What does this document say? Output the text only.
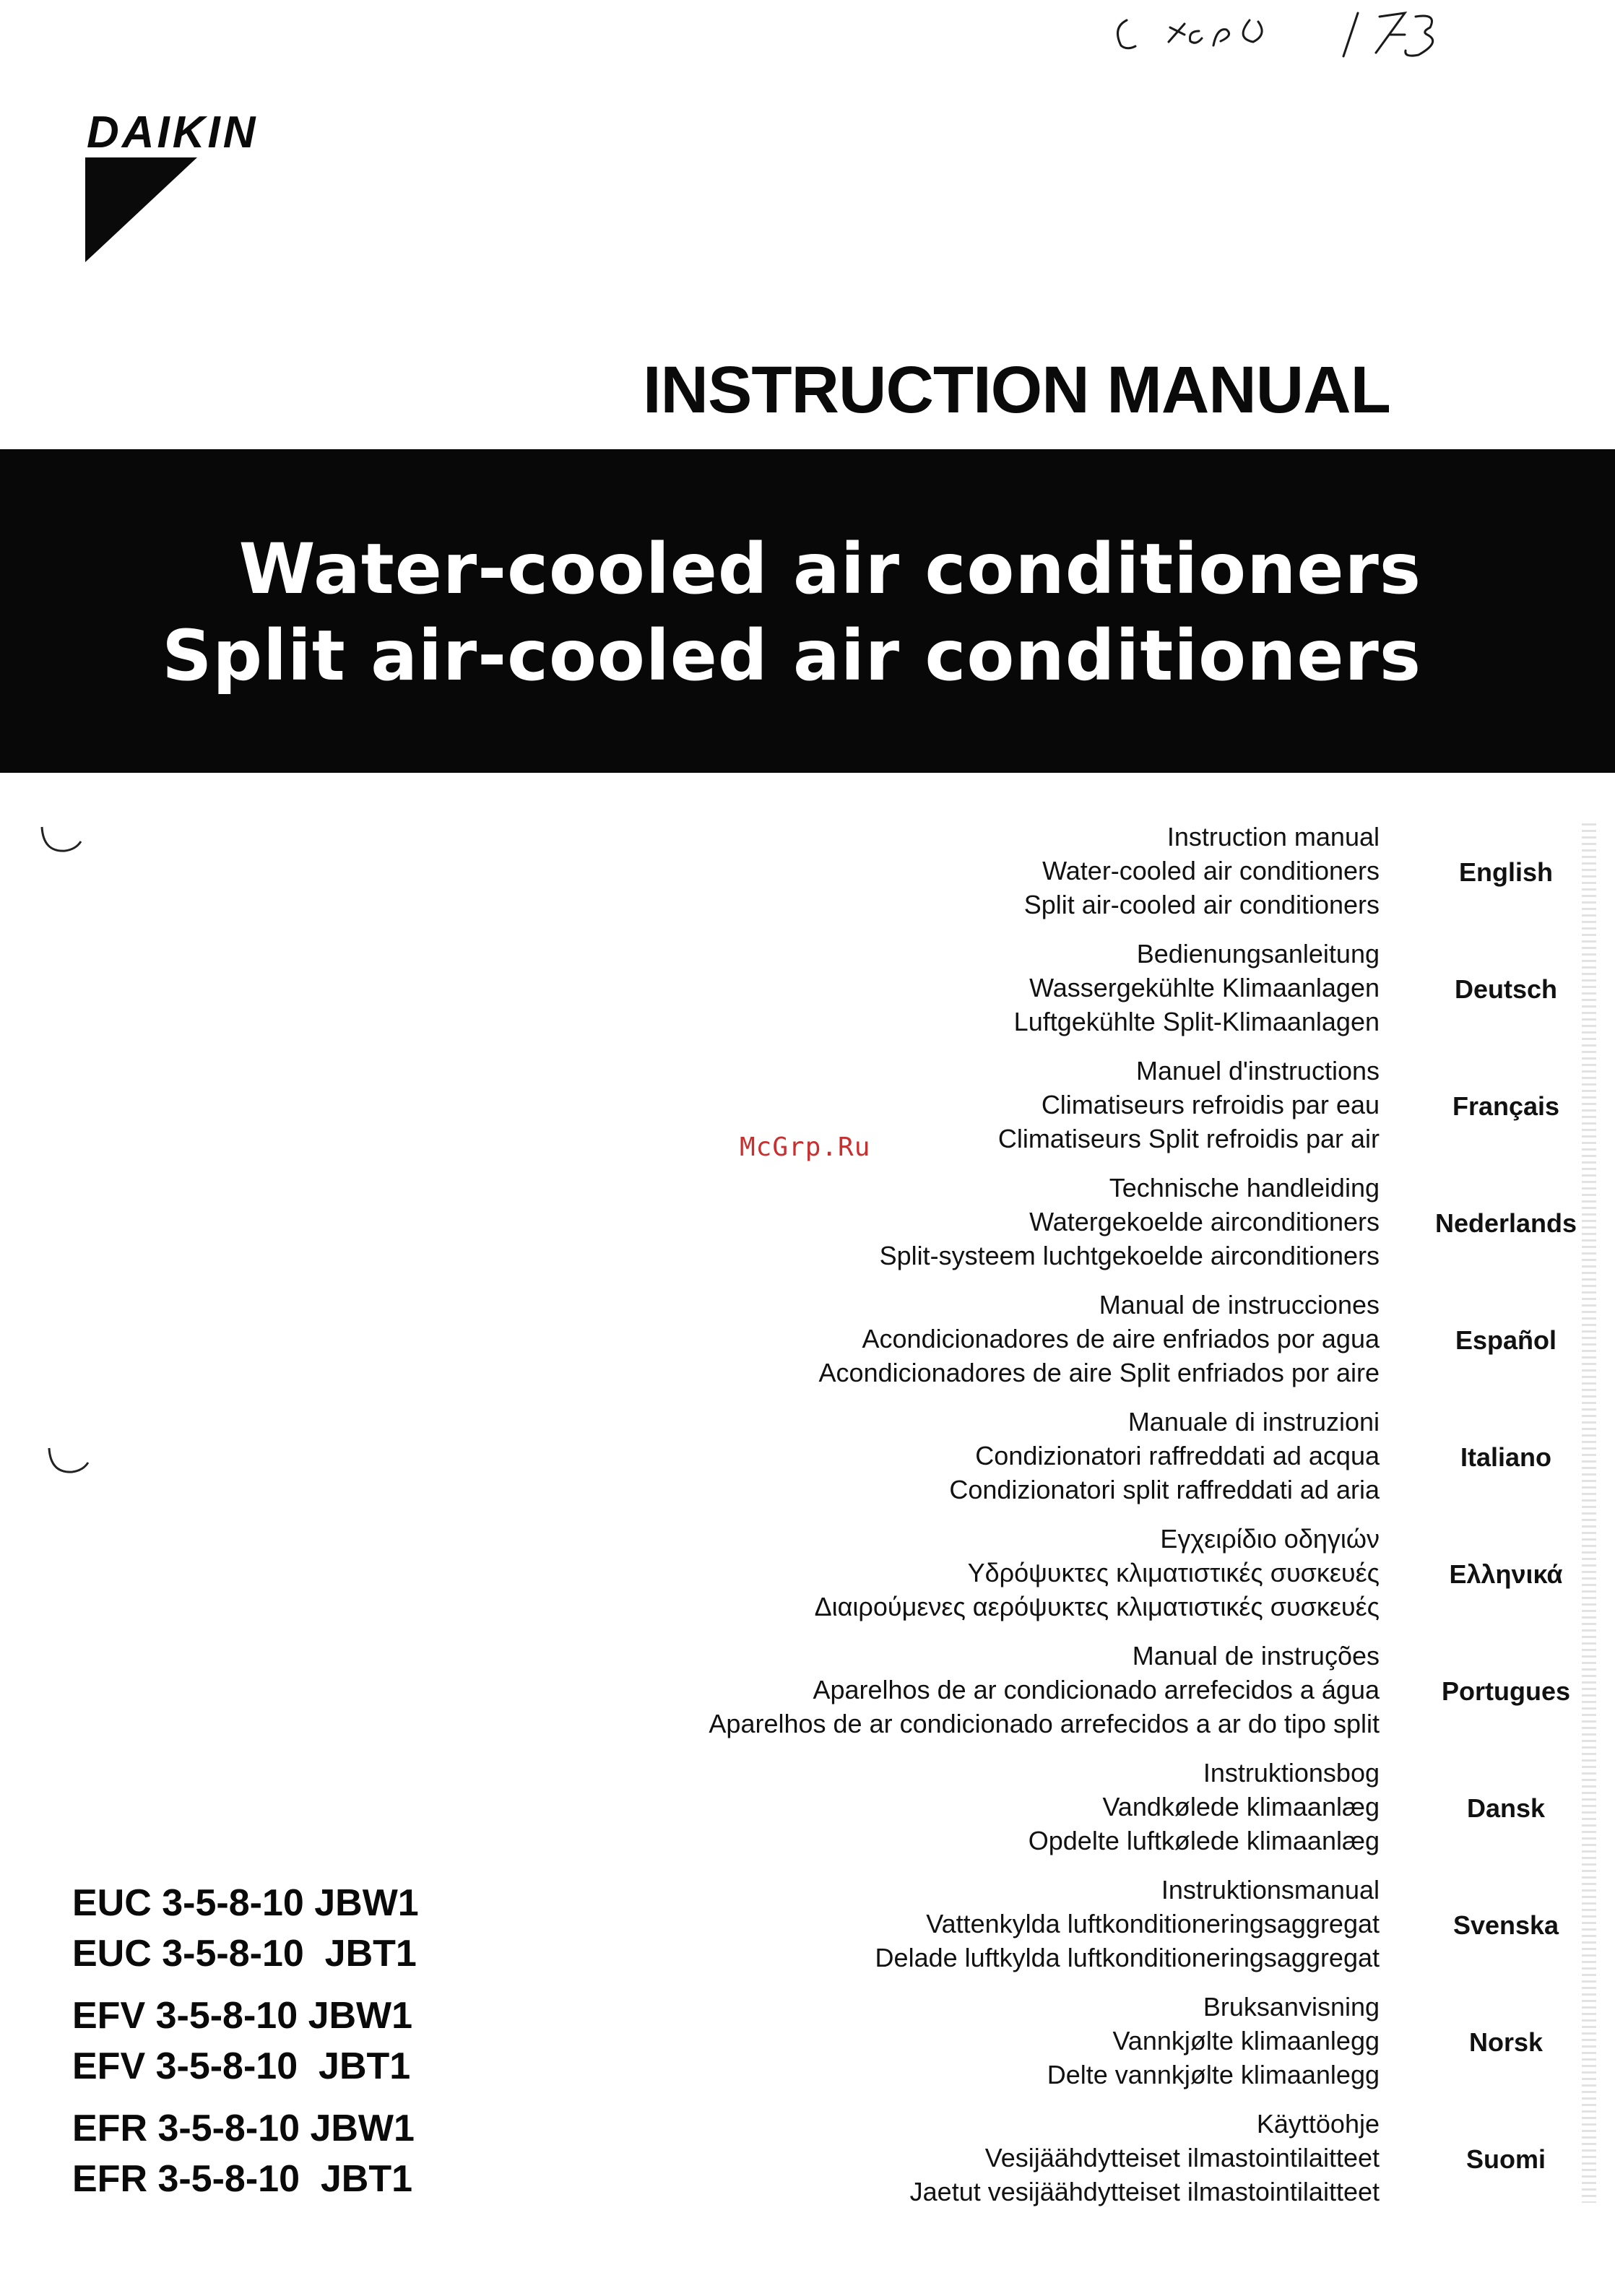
DAIKIN
INSTRUCTION MANUAL
Water-cooled air conditioners
Split air-cooled air conditioners
McGrp.Ru
Instruction manual
Water-cooled air conditioners
Split air-cooled air conditioners
English
Bedienungsanleitung
Wassergekühlte Klimaanlagen
Luftgekühlte Split-Klimaanlagen
Deutsch
Manuel d'instructions
Climatiseurs refroidis par eau
Climatiseurs Split refroidis par air
Français
Technische handleiding
Watergekoelde airconditioners
Split-systeem luchtgekoelde airconditioners
Nederlands
Manual de instrucciones
Acondicionadores de aire enfriados por agua
Acondicionadores de aire Split enfriados por aire
Español
Manuale di instruzioni
Condizionatori raffreddati ad acqua
Condizionatori split raffreddati ad aria
Italiano
Εγχειρίδιο οδηγιών
Υδρόψυκτες κλιματιστικές συσκευές
Διαιρούμενες αερόψυκτες κλιματιστικές συσκευές
Ελληνικά
Manual de instruções
Aparelhos de ar condicionado arrefecidos a água
Aparelhos de ar condicionado arrefecidos a ar do tipo split
Portugues
Instruktionsbog
Vandkølede klimaanlæg
Opdelte luftkølede klimaanlæg
Dansk
Instruktionsmanual
Vattenkylda luftkonditioneringsaggregat
Delade luftkylda luftkonditioneringsaggregat
Svenska
Bruksanvisning
Vannkjølte klimaanlegg
Delte vannkjølte klimaanlegg
Norsk
Käyttöohje
Vesijäähdytteiset ilmastointilaitteet
Jaetut vesijäähdytteiset ilmastointilaitteet
Suomi
EUC 3-5-8-10 JBW1
EUC 3-5-8-10  JBT1
EFV 3-5-8-10 JBW1
EFV 3-5-8-10  JBT1
EFR 3-5-8-10 JBW1
EFR 3-5-8-10  JBT1
